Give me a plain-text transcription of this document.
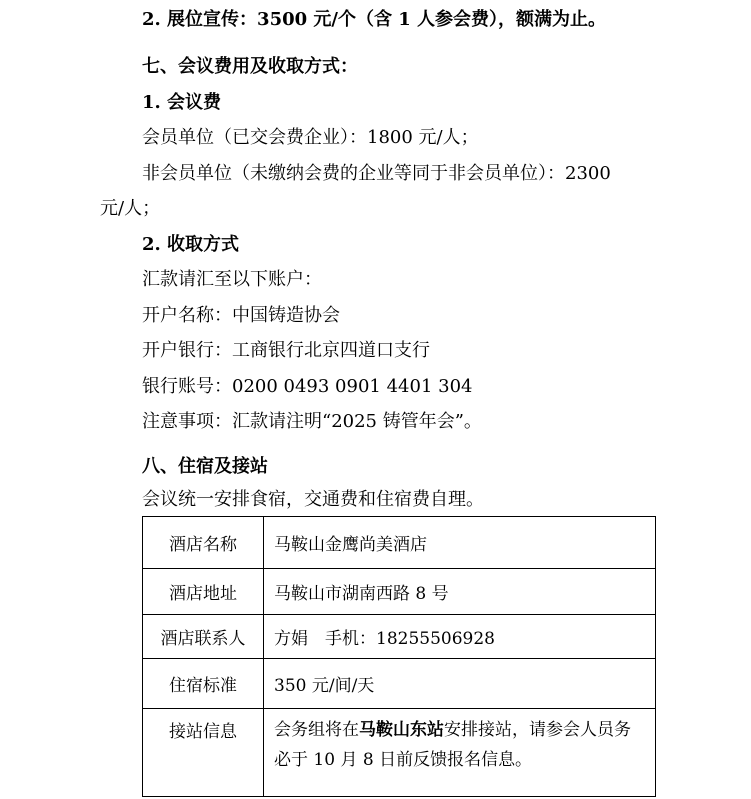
2. 展位宣传：3500 元/个（含 1 人参会费），额满为止。
七、会议费用及收取方式：
1. 会议费
会员单位（已交会费企业）：1800 元/人；
非会员单位（未缴纳会费的企业等同于非会员单位）：2300
元/人；
2. 收取方式
汇款请汇至以下账户：
开户名称：中国铸造协会
开户银行：工商银行北京四道口支行
银行账号：0200 0493 0901 4401 304
注意事项：汇款请注明“2025 铸管年会”。
八、住宿及接站
会议统一安排食宿，交通费和住宿费自理。
酒店名称	马鞍山金鹰尚美酒店
酒店地址	马鞍山市湖南西路 8 号
酒店联系人	方娟　手机：18255506928
住宿标准	350 元/间/天
接站信息	会务组将在马鞍山东站安排接站，请参会人员务必于 10 月 8 日前反馈报名信息。
